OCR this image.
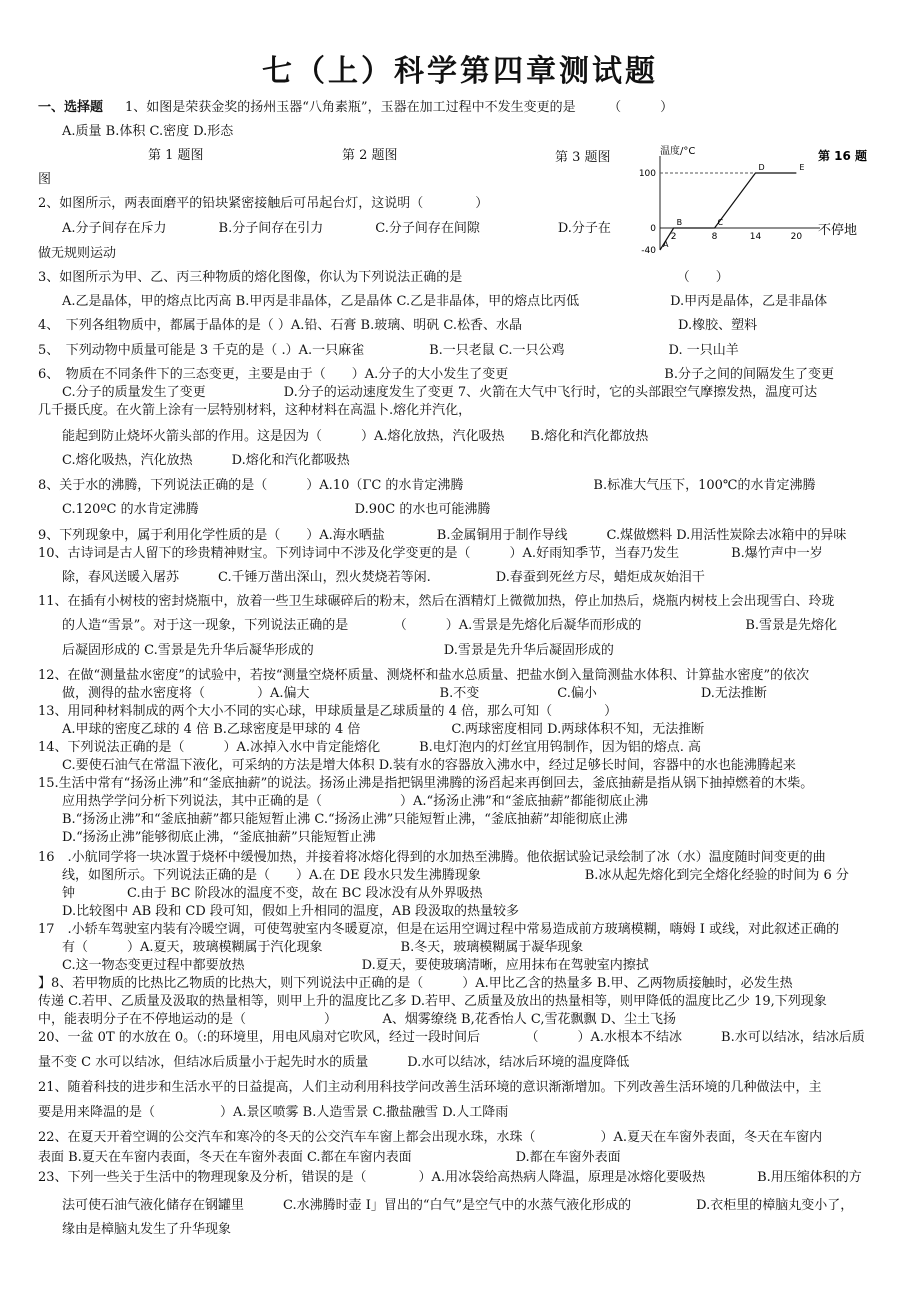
七（上）科学第四章测试题
一、选择题 1、如图是荣获金奖的扬州玉器“八角素瓶”，玉器在加工过程中不发生变更的是　　　（　　　）
A.质量 B.体积 C.密度 D.形态
图
2、如图所示，两表面磨平的铅块紧密接触后可吊起台灯，这说明（　　　　）
A.分子间存在斥力　　　　B.分子间存在引力　　　　C.分子间存在间隙　　　　　　D.分子在
做无规则运动
3、如图所示为甲、乙、丙三种物质的熔化图像，你认为下列说法正确的是　　　　　　　　　　　　　　　　　（　　）
A.乙是晶体，甲的熔点比丙高 B.甲丙是非晶体，乙是晶体 C.乙是非晶体，甲的熔点比丙低　　　　　　　D.甲丙是晶体，乙是非晶体
4、　下列各组物质中，都属于晶体的是（ ）A.铅、石膏 B.玻璃、明矾 C.松香、水晶　　　　　　　　　　　　D.橡胶、塑料
5、　下列动物中质量可能是 3 千克的是（ .）A.一只麻雀　　　　　B.一只老鼠 C.一只公鸡　　　　　　　　D. 一只山羊
6、　物质在不同条件下的三态变更，主要是由于（　　）A.分子的大小发生了变更　　　　　　　　　　　　B.分子之间的间隔发生了变更
C.分子的质量发生了变更　　　　　　D.分子的运动速度发生了变更 7、火箭在大气中飞行时，它的头部跟空气摩擦发热，温度可达
几千摄氏度。在火箭上涂有一层特别材料，这种材料在高温卜.熔化并汽化，
能起到防止烧坏火箭头部的作用。这是因为（　　　）A.熔化放热，汽化吸热　　B.熔化和汽化都放热
C.熔化吸热，汽化放热　　　D.熔化和汽化都吸热
8、关于水的沸腾，下列说法正确的是（　　　）A.10（ΓC 的水肯定沸腾　　　　　　　　　　B.标准大气压下，100℃的水肯定沸腾
C.120ºC 的水肯定沸腾　　　　　　　　　　　　D.90C 的水也可能沸腾
9、下列现象中，属于利用化学性质的是（　　）A.海水晒盐　　　　B.金属铜用于制作导线　　　C.煤做燃料 D.用活性炭除去冰箱中的异味
10、古诗词是古人留下的珍贵精神财宝。下列诗词中不涉及化学变更的是（　　　）A.好雨知季节，当春乃发生　　　　B.爆竹声中一岁
除，春风送暖入屠苏　　　C.千锤万凿出深山，烈火焚烧若等闲.　　　　　D.春蚕到死丝方尽，蜡炬成灰始泪干
11、在插有小树枝的密封烧瓶中，放着一些卫生球碾碎后的粉末，然后在酒精灯上微微加热，停止加热后，烧瓶内树枝上会出现雪白、玲珑
的人造“雪景”。对于这一现象，下列说法正确的是　　　　（　　　）A.雪景是先熔化后凝华而形成的　　　　　　　　B.雪景是先熔化
后凝固形成的 C.雪景是先升华后凝华形成的　　　　　　　　　　D.雪景是先升华后凝固形成的
12、在做“测量盐水密度”的试验中，若按“测量空烧杯质量、测烧杯和盐水总质量、把盐水倒入量筒测盐水体积、计算盐水密度”的依次
做，测得的盐水密度将（　　　　）A.偏大　　　　　　　　　　B.不变　　　　　　C.偏小　　　　　　　　D.无法推断
13、用同种材料制成的两个大小不同的实心球，甲球质量是乙球质量的 4 倍，那么可知（　　　　）
A.甲球的密度乙球的 4 倍 B.乙球密度是甲球的 4 倍　　　　　　　C.两球密度相同 D.两球体积不知，无法推断
14、下列说法正确的是（　　　）A.冰掉入水中肯定能熔化　　　B.电灯泡内的灯丝宜用钨制作，因为铝的熔点. 高
C.要使石油气在常温下液化，可采纳的方法是增大体积 D.装有水的容器放入沸水中，经过足够长时间，容器中的水也能沸腾起来
15.生活中常有“扬汤止沸”和“釜底抽薪”的说法。扬汤止沸是指把锅里沸腾的汤舀起来再倒回去，釜底抽薪是指从锅下抽掉燃着的木柴。
应用热学学问分析下列说法，其中正确的是（　　　　　　）A.“扬汤止沸”和“釜底抽薪”都能彻底止沸
B.“扬汤止沸”和“釜底抽薪”都只能短暂止沸 C.“扬汤止沸”只能短暂止沸，“釜底抽薪”却能彻底止沸
D.“扬汤止沸”能够彻底止沸，“釜底抽薪”只能短暂止沸
16　.小航同学将一块冰置于烧杯中缓慢加热，并接着将冰熔化得到的水加热至沸腾。他依据试验记录绘制了冰（水）温度随时间变更的曲
线，如图所示。下列说法正确的是（　　）A.在 DE 段水只发生沸腾现象　　　　　　　　B.冰从起先熔化到完全熔化经验的时间为 6 分
钟　　　　C.由于 BC 阶段冰的温度不变，故在 BC 段冰没有从外界吸热
D.比较图中 AB 段和 CD 段可知，假如上升相同的温度，AB 段汲取的热量较多
17　.小轿车驾驶室内装有冷暖空调，可使驾驶室内冬暖夏凉，但是在运用空调过程中常易造成前方玻璃模糊，嗨姆 I 或线，对此叙述正确的
有（　　　）A.夏天，玻璃模糊属于汽化现象　　　　　　B.冬天，玻璃模糊属于凝华现象
C.这一物态变更过程中都要放热　　　　　　　　　D.夏天，要使玻璃清晰，应用抹布在驾驶室内擦拭
】8、若甲物质的比热比乙物质的比热大，则下列说法中正确的是（　　　）A.甲比乙含的热量多 B.甲、乙两物质接触时，必发生热
传递 C.若甲、乙质量及汲取的热量相等，则甲上升的温度比乙多 D.若甲、乙质量及放出的热量相等，则甲降低的温度比乙少 19,下列现象
中，能表明分子在不停地运动的是（　　　　　　）　　　　A、烟雾缭绕 B,花香怡人 C,雪花飘飘 D、尘土飞扬
20、一盆 0T 的水放在 0。（:的环境里，用电风扇对它吹风，经过一段时间后　　　　（　　　）A.水根本不结冰　　　B.水可以结冰，结冰后质
量不变 C 水可以结冰，但结冰后质量小于起先时水的质量　　　D.水可以结冰，结冰后环境的温度降低
21、随着科技的进步和生活水平的日益提高，人们主动利用科技学问改善生活环境的意识渐渐增加。下列改善生活环境的几种做法中，主
要是用来降温的是（　　　　　）A.景区喷雾 B.人造雪景 C.撒盐融雪 D.人工降雨
22、在夏天开着空调的公交汽车和寒冷的冬天的公交汽车车窗上都会出现水珠，水珠（　　　　　）A.夏天在车窗外表面，冬天在车窗内
表面 B.夏天在车窗内表面，冬天在车窗外表面 C.都在车窗内表面　　　　　　　　D.都在车窗外表面
23、下列一些关于生活中的物理现象及分析，错误的是（　　　　）A.用冰袋给高热病人降温，原理是冰熔化要吸热　　　　B.用压缩体积的方
法可使石油气液化储存在钢罐里　　　C.水沸腾时壶 I」冒出的“白气”是空气中的水蒸气液化形成的　　　　　D.衣柜里的樟脑丸变小了，
缘由是樟脑丸发生了升华现象
第 1 题图	第 2 题图	第 3 题图	温度/°C	第 16 题
不停地
2	8	14	20
100
0
-40
A
B	C
D	E
